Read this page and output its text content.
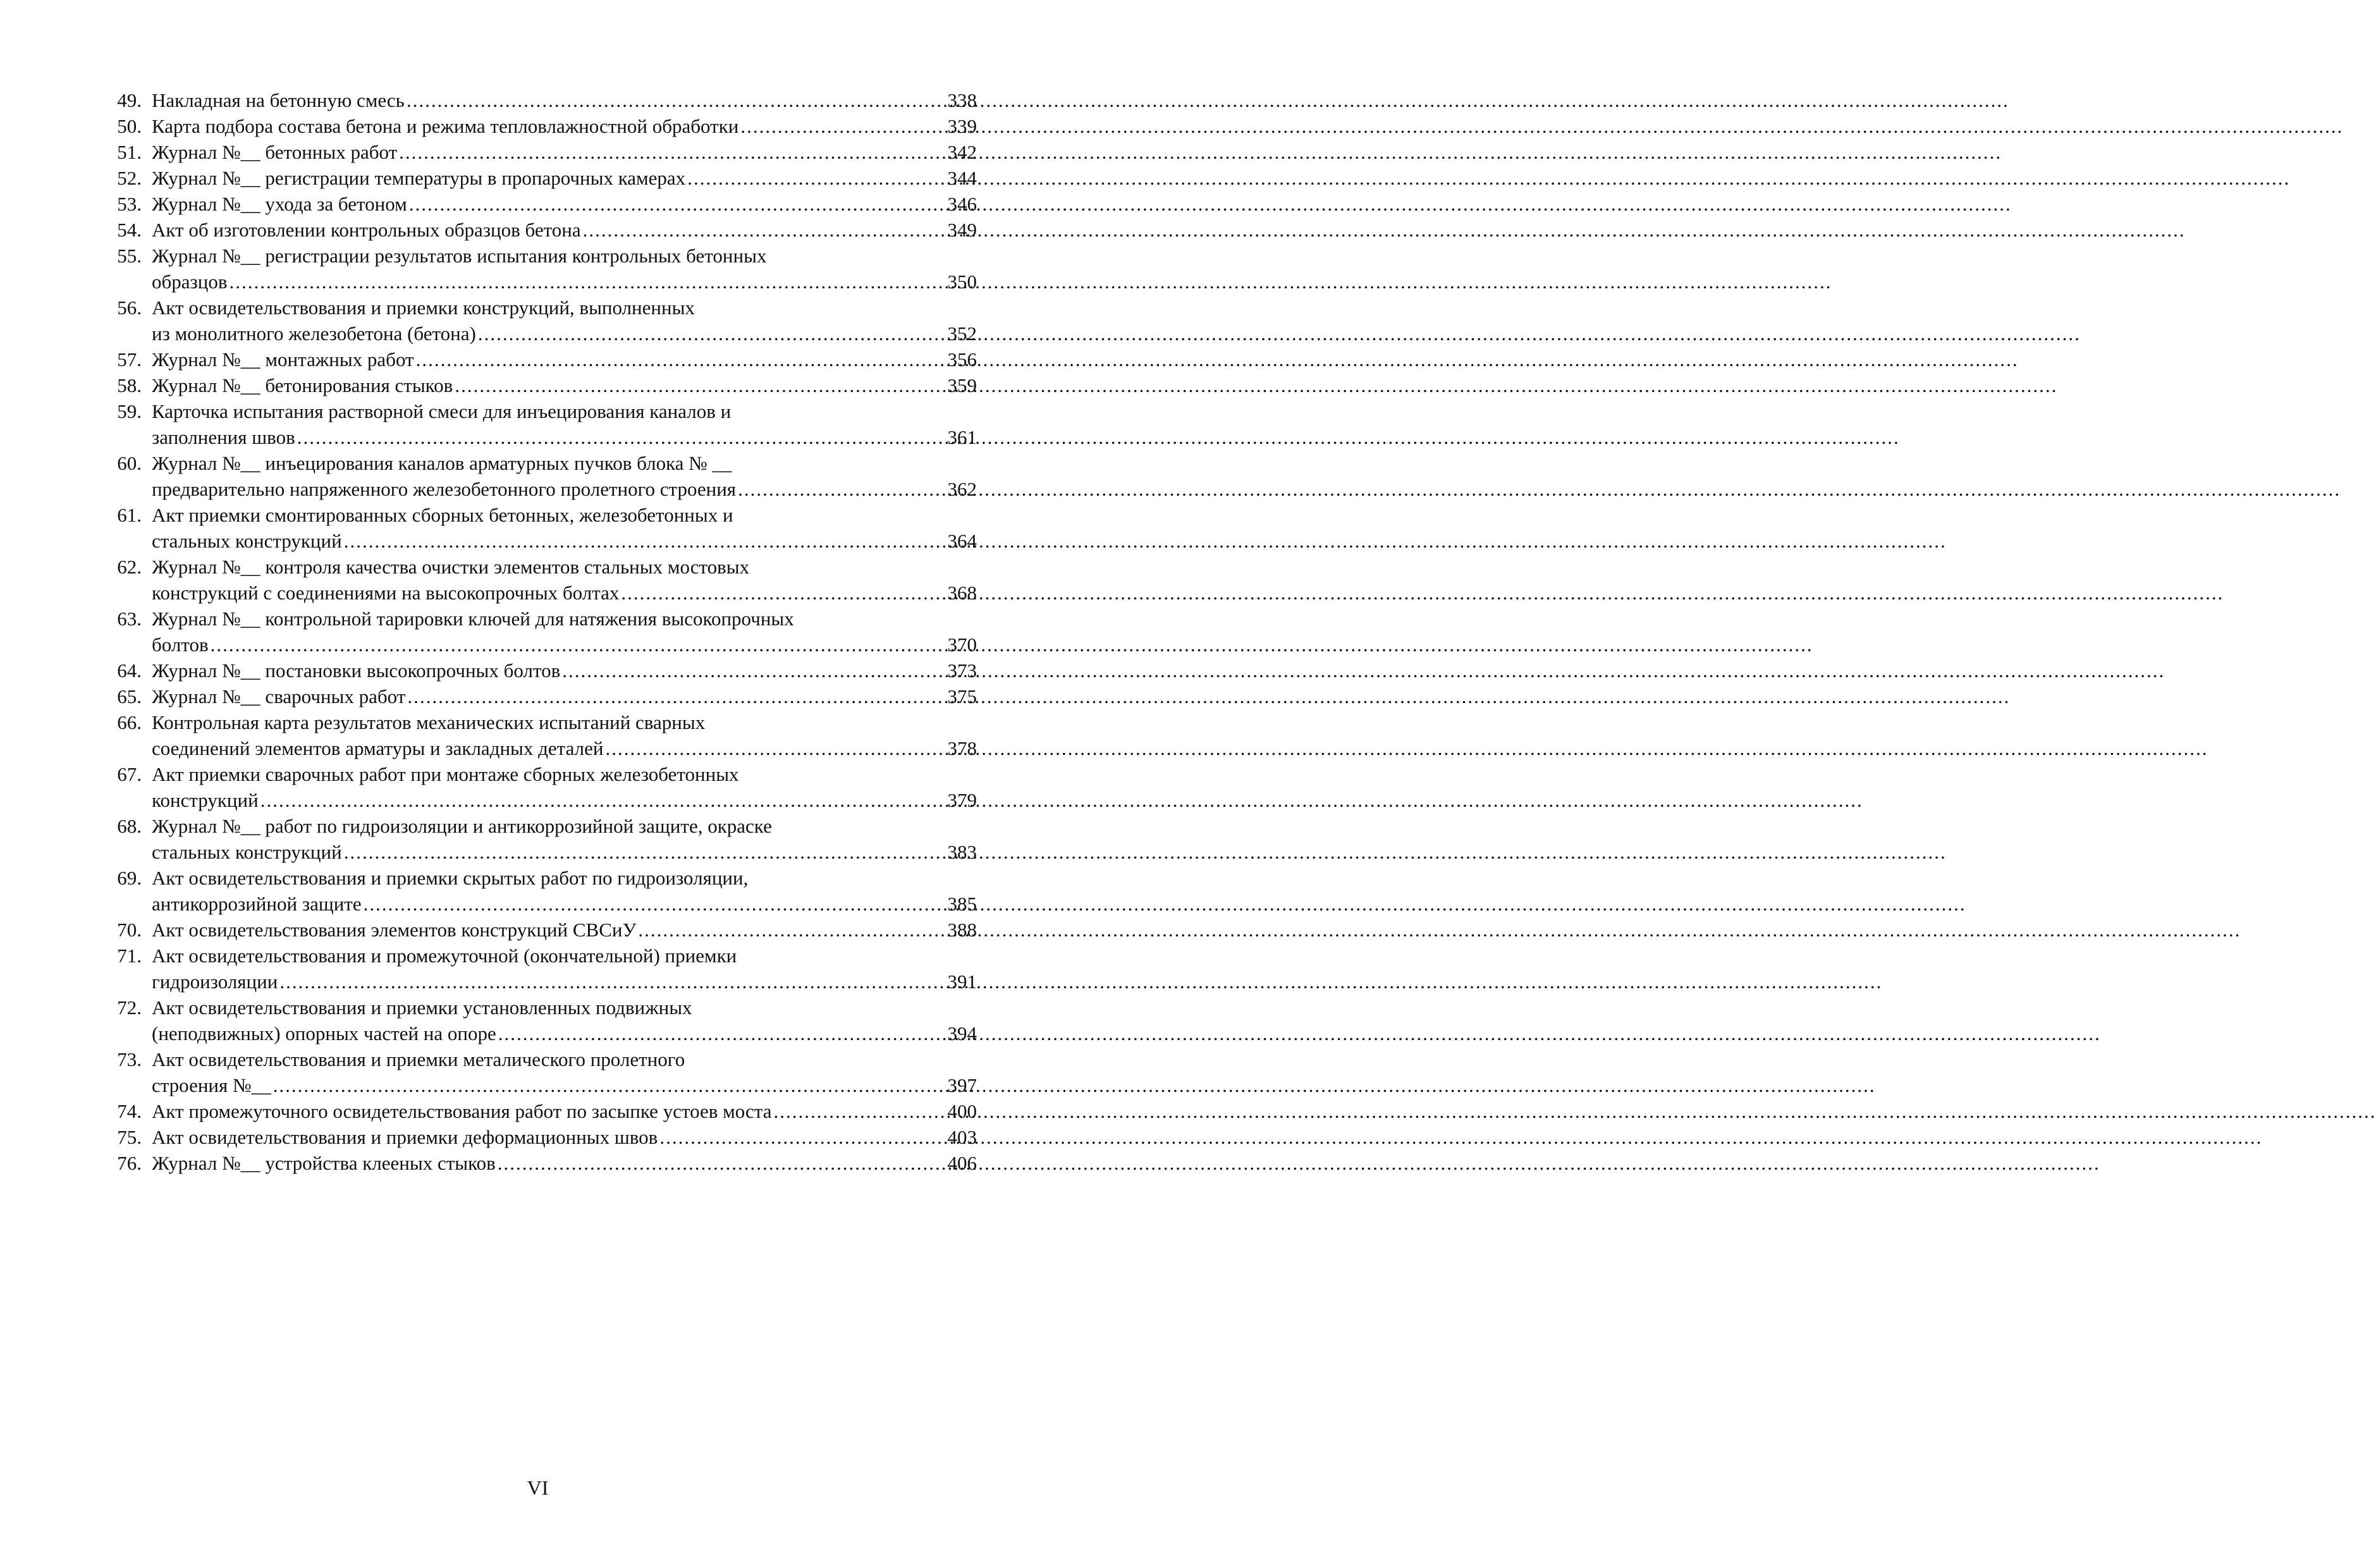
49. Накладная на бетонную смесь .....	338
50. Карта подбора состава бетона и режима тепловлажностной обработки .....	339
51. Журнал №__ бетонных работ .....	342
52. Журнал №__ регистрации температуры в пропарочных камерах .....	344
53. Журнал №__ ухода за бетоном .....	346
54. Акт об изготовлении контрольных образцов бетона .....	349
55. Журнал №__ регистрации результатов испытания контрольных бетонных
образцов .....	350
56. Акт освидетельствования и приемки конструкций, выполненных
из монолитного железобетона (бетона) .....	352
57. Журнал №__ монтажных работ .....	356
58. Журнал №__ бетонирования стыков .....	359
59. Карточка испытания растворной смеси для инъецирования каналов и
заполнения швов .....	361
60. Журнал №__ инъецирования каналов арматурных пучков блока № __
предварительно напряженного железобетонного пролетного строения .....	362
61. Акт приемки смонтированных сборных бетонных, железобетонных и
стальных конструкций .....	364
62. Журнал №__ контроля качества очистки элементов стальных мостовых
конструкций с соединениями на высокопрочных болтах .....	368
63. Журнал №__ контрольной тарировки ключей для натяжения высокопрочных
болтов .....	370
64. Журнал №__ постановки высокопрочных болтов .....	373
65. Журнал №__ сварочных работ .....	375
66. Контрольная карта результатов механических испытаний сварных
соединений элементов арматуры и закладных деталей .....	378
67. Акт приемки сварочных работ при монтаже сборных железобетонных
конструкций .....	379
68. Журнал №__ работ по гидроизоляции и антикоррозийной защите, окраске
стальных конструкций .....	383
69. Акт освидетельствования и приемки скрытых работ по гидроизоляции,
антикоррозийной защите .....	385
70. Акт освидетельствования элементов конструкций СВСиУ .....	388
71. Акт освидетельствования и промежуточной (окончательной) приемки
гидроизоляции .....	391
72. Акт освидетельствования и приемки установленных подвижных
(неподвижных) опорных частей на опоре .....	394
73. Акт освидетельствования и приемки металического пролетного
строения №__ .....	397
74. Акт промежуточного освидетельствования работ по засыпке устоев моста .....	400
75. Акт освидетельствования и приемки деформационных швов .....	403
76. Журнал №__ устройства клееных стыков .....	406
VI
